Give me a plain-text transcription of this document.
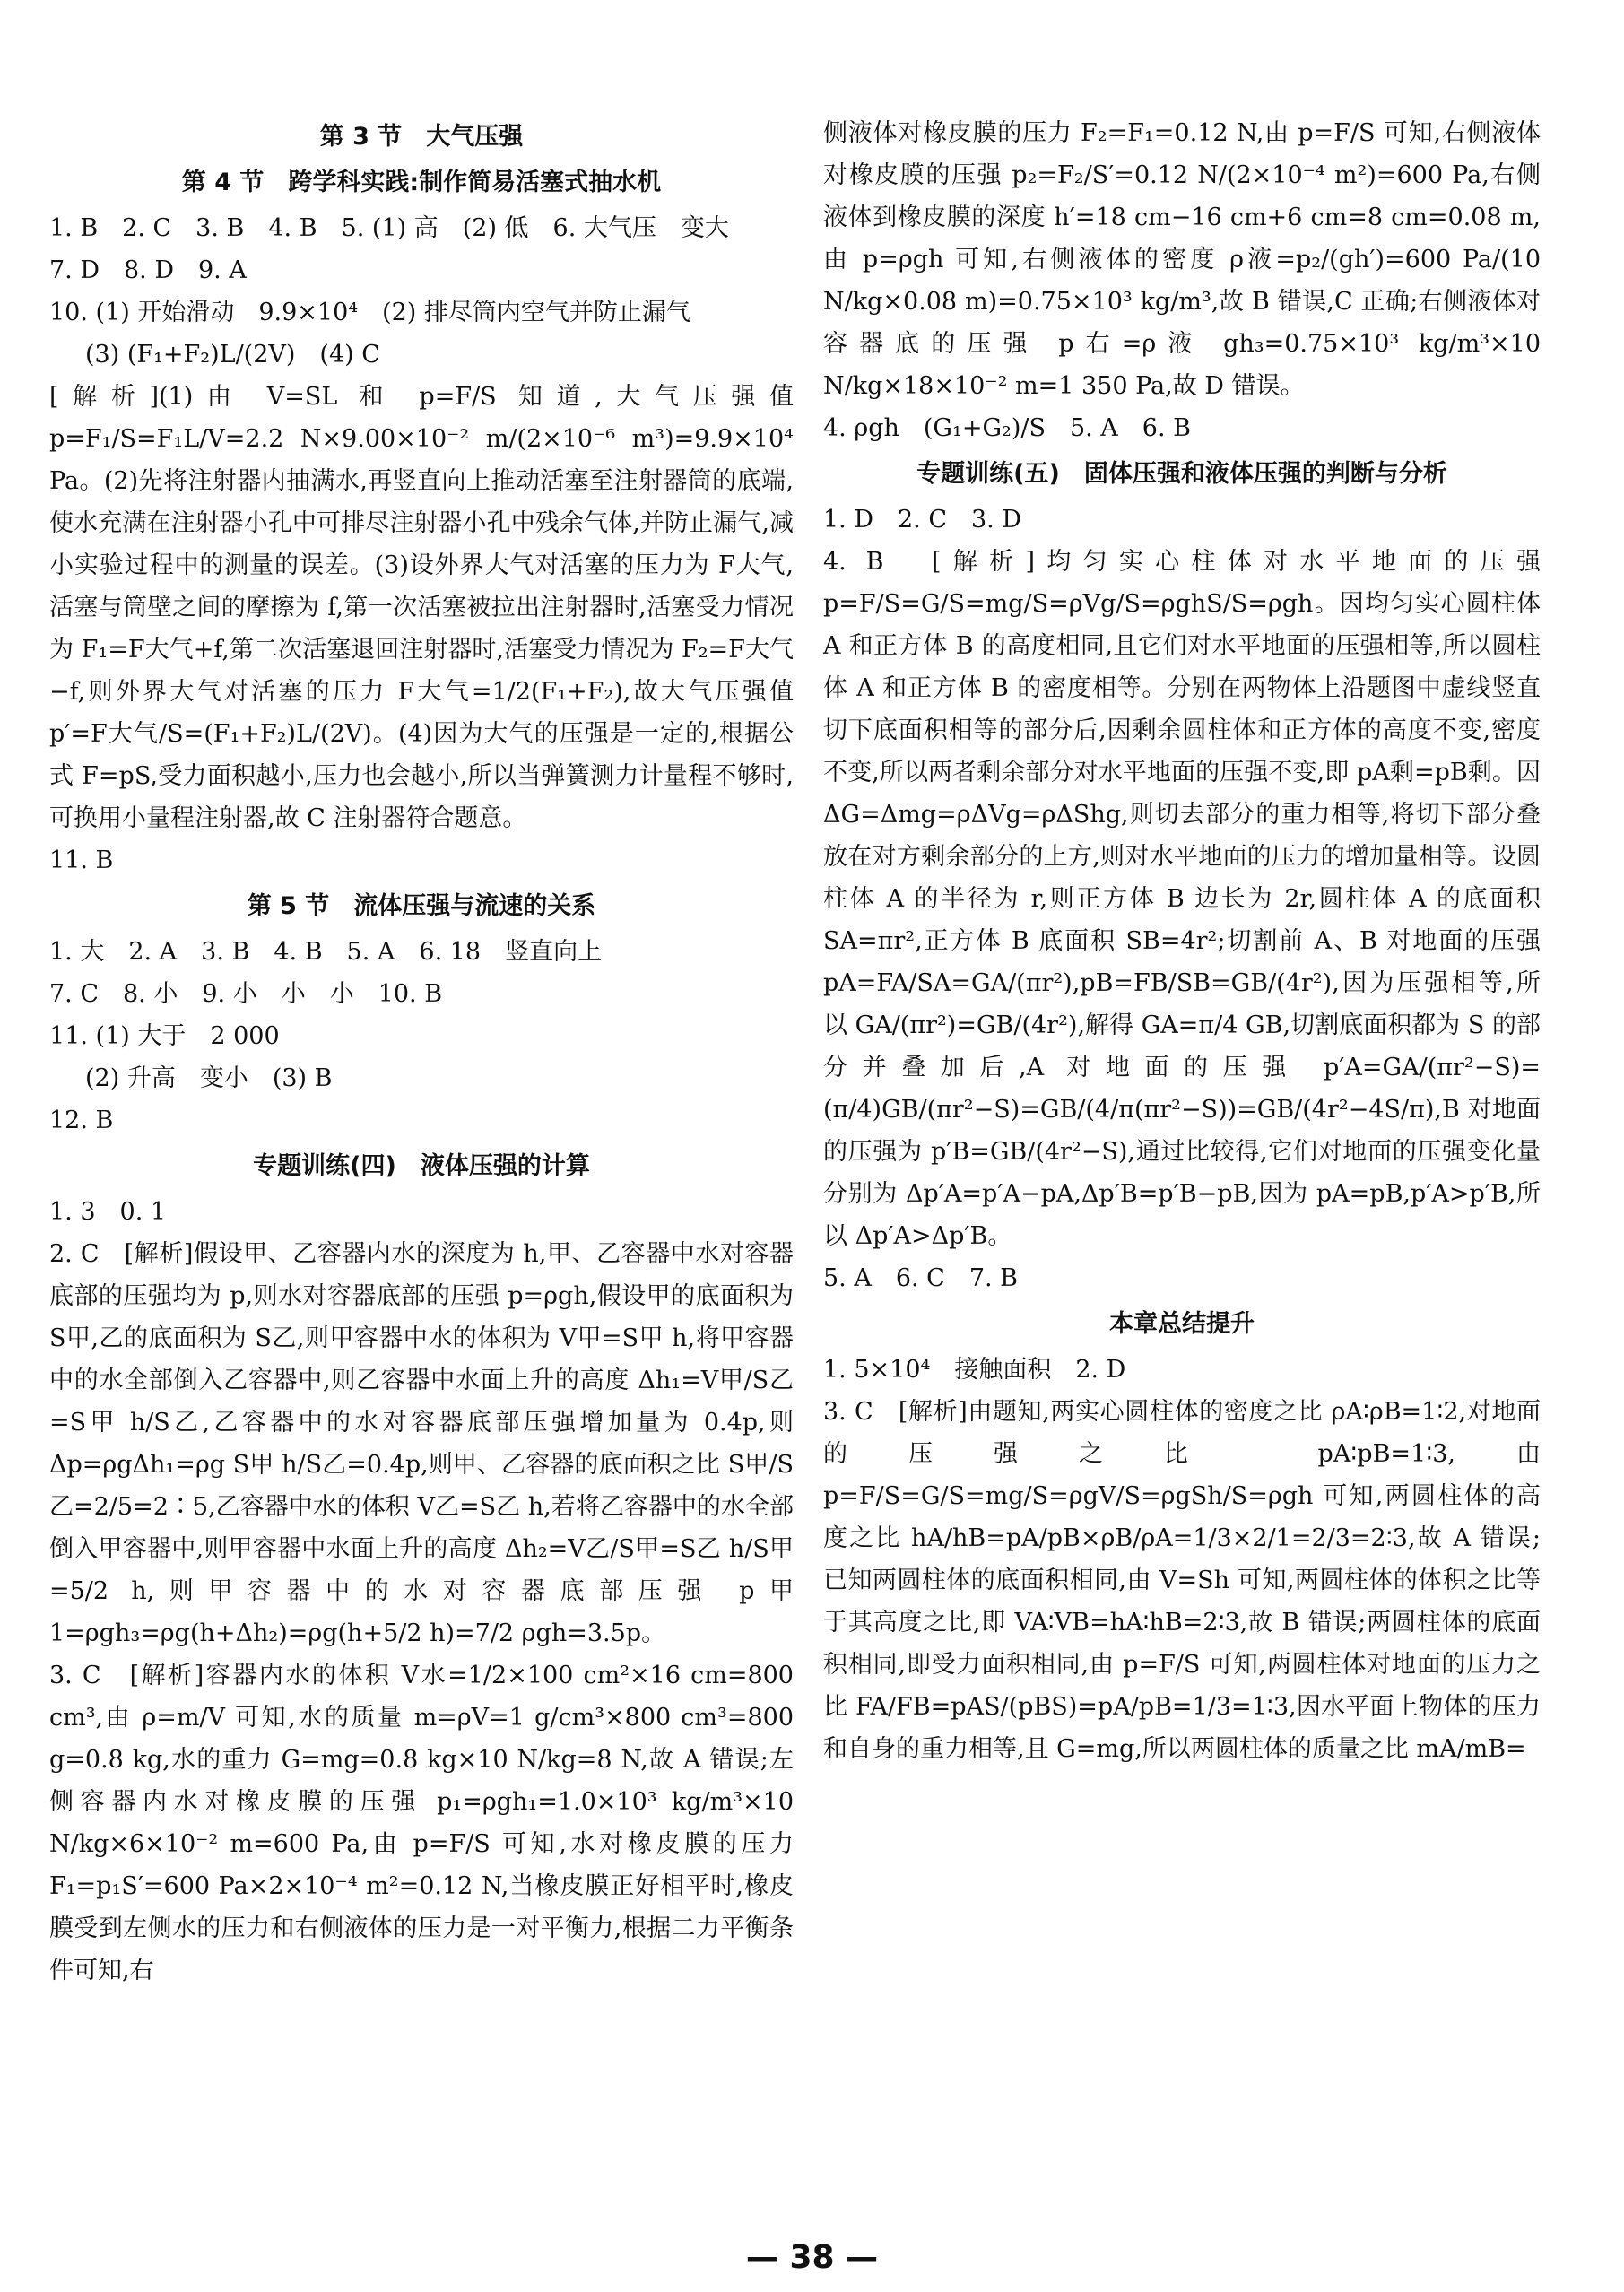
第 3 节　大气压强
第 4 节　跨学科实践:制作简易活塞式抽水机
1. B　2. C　3. B　4. B　5. (1) 高　(2) 低　6. 大气压　变大
7. D　8. D　9. A
10. (1) 开始滑动　9.9×10⁴　(2) 排尽筒内空气并防止漏气
(3) (F₁+F₂)L/(2V)　(4) C
[解析](1)由 V=SL 和 p=F/S 知道,大气压强值 p=F₁/S=F₁L/V=2.2 N×9.00×10⁻² m/(2×10⁻⁶ m³)=9.9×10⁴ Pa。(2)先将注射器内抽满水,再竖直向上推动活塞至注射器筒的底端,使水充满在注射器小孔中可排尽注射器小孔中残余气体,并防止漏气,减小实验过程中的测量的误差。(3)设外界大气对活塞的压力为 F大气,活塞与筒壁之间的摩擦为 f,第一次活塞被拉出注射器时,活塞受力情况为 F₁=F大气+f,第二次活塞退回注射器时,活塞受力情况为 F₂=F大气−f,则外界大气对活塞的压力 F大气=1/2(F₁+F₂),故大气压强值 p′=F大气/S=(F₁+F₂)L/(2V)。(4)因为大气的压强是一定的,根据公式 F=pS,受力面积越小,压力也会越小,所以当弹簧测力计量程不够时,可换用小量程注射器,故 C 注射器符合题意。
11. B
第 5 节　流体压强与流速的关系
1. 大　2. A　3. B　4. B　5. A　6. 18　竖直向上
7. C　8. 小　9. 小　小　小　10. B
11. (1) 大于　2 000
(2) 升高　变小　(3) B
12. B
专题训练(四)　液体压强的计算
1. 3　0. 1
2. C　[解析]假设甲、乙容器内水的深度为 h,甲、乙容器中水对容器底部的压强均为 p,则水对容器底部的压强 p=ρgh,假设甲的底面积为 S甲,乙的底面积为 S乙,则甲容器中水的体积为 V甲=S甲 h,将甲容器中的水全部倒入乙容器中,则乙容器中水面上升的高度 Δh₁=V甲/S乙=S甲 h/S乙,乙容器中的水对容器底部压强增加量为 0.4p,则 Δp=ρgΔh₁=ρg S甲 h/S乙=0.4p,则甲、乙容器的底面积之比 S甲/S乙=2/5=2∶5,乙容器中水的体积 V乙=S乙 h,若将乙容器中的水全部倒入甲容器中,则甲容器中水面上升的高度 Δh₂=V乙/S甲=S乙 h/S甲=5/2 h,则甲容器中的水对容器底部压强 p甲1=ρgh₃=ρg(h+Δh₂)=ρg(h+5/2 h)=7/2 ρgh=3.5p。
3. C　[解析]容器内水的体积 V水=1/2×100 cm²×16 cm=800 cm³,由 ρ=m/V 可知,水的质量 m=ρV=1 g/cm³×800 cm³=800 g=0.8 kg,水的重力 G=mg=0.8 kg×10 N/kg=8 N,故 A 错误;左侧容器内水对橡皮膜的压强 p₁=ρgh₁=1.0×10³ kg/m³×10 N/kg×6×10⁻² m=600 Pa,由 p=F/S 可知,水对橡皮膜的压力 F₁=p₁S′=600 Pa×2×10⁻⁴ m²=0.12 N,当橡皮膜正好相平时,橡皮膜受到左侧水的压力和右侧液体的压力是一对平衡力,根据二力平衡条件可知,右
侧液体对橡皮膜的压力 F₂=F₁=0.12 N,由 p=F/S 可知,右侧液体对橡皮膜的压强 p₂=F₂/S′=0.12 N/(2×10⁻⁴ m²)=600 Pa,右侧液体到橡皮膜的深度 h′=18 cm−16 cm+6 cm=8 cm=0.08 m,由 p=ρgh 可知,右侧液体的密度 ρ液=p₂/(gh′)=600 Pa/(10 N/kg×0.08 m)=0.75×10³ kg/m³,故 B 错误,C 正确;右侧液体对容器底的压强 p右=ρ液 gh₃=0.75×10³ kg/m³×10 N/kg×18×10⁻² m=1 350 Pa,故 D 错误。
4. ρgh　(G₁+G₂)/S　5. A　6. B
专题训练(五)　固体压强和液体压强的判断与分析
1. D　2. C　3. D
4. B　[解析]均匀实心柱体对水平地面的压强 p=F/S=G/S=mg/S=ρVg/S=ρghS/S=ρgh。因均匀实心圆柱体 A 和正方体 B 的高度相同,且它们对水平地面的压强相等,所以圆柱体 A 和正方体 B 的密度相等。分别在两物体上沿题图中虚线竖直切下底面积相等的部分后,因剩余圆柱体和正方体的高度不变,密度不变,所以两者剩余部分对水平地面的压强不变,即 pA剩=pB剩。因 ΔG=Δmg=ρΔVg=ρΔShg,则切去部分的重力相等,将切下部分叠放在对方剩余部分的上方,则对水平地面的压力的增加量相等。设圆柱体 A 的半径为 r,则正方体 B 边长为 2r,圆柱体 A 的底面积 SA=πr²,正方体 B 底面积 SB=4r²;切割前 A、B 对地面的压强 pA=FA/SA=GA/(πr²),pB=FB/SB=GB/(4r²),因为压强相等,所以 GA/(πr²)=GB/(4r²),解得 GA=π/4 GB,切割底面积都为 S 的部分并叠加后,A 对地面的压强 p′A=GA/(πr²−S)=(π/4)GB/(πr²−S)=GB/(4/π(πr²−S))=GB/(4r²−4S/π),B 对地面的压强为 p′B=GB/(4r²−S),通过比较得,它们对地面的压强变化量分别为 Δp′A=p′A−pA,Δp′B=p′B−pB,因为 pA=pB,p′A>p′B,所以 Δp′A>Δp′B。
5. A　6. C　7. B
本章总结提升
1. 5×10⁴　接触面积　2. D
3. C　[解析]由题知,两实心圆柱体的密度之比 ρA∶ρB=1∶2,对地面的压强之比 pA∶pB=1∶3,由 p=F/S=G/S=mg/S=ρgV/S=ρgSh/S=ρgh 可知,两圆柱体的高度之比 hA/hB=pA/pB×ρB/ρA=1/3×2/1=2/3=2∶3,故 A 错误;已知两圆柱体的底面积相同,由 V=Sh 可知,两圆柱体的体积之比等于其高度之比,即 VA∶VB=hA∶hB=2∶3,故 B 错误;两圆柱体的底面积相同,即受力面积相同,由 p=F/S 可知,两圆柱体对地面的压力之比 FA/FB=pAS/(pBS)=pA/pB=1/3=1∶3,因水平面上物体的压力和自身的重力相等,且 G=mg,所以两圆柱体的质量之比 mA/mB=
— 38 —
